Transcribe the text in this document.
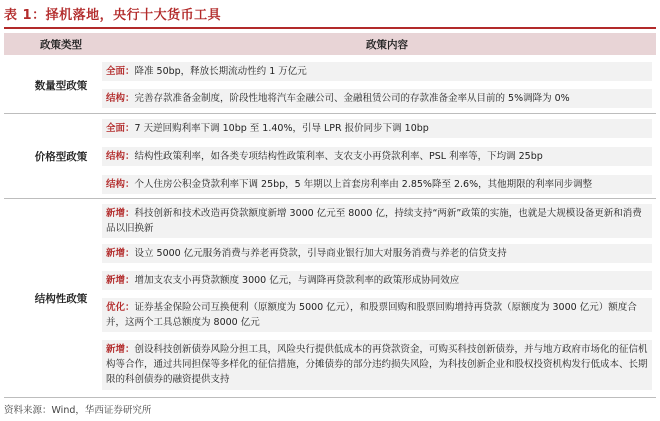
表 1：择机落地，央行十大货币工具
政策类型	政策内容
数量型政策
全面：降准 50bp，释放长期流动性约 1 万亿元
结构：完善存款准备金制度，阶段性地将汽车金融公司、金融租赁公司的存款准备金率从目前的 5%调降为 0%
价格型政策
全面：7 天逆回购利率下调 10bp 至 1.40%，引导 LPR 报价同步下调 10bp
结构：结构性政策利率，如各类专项结构性政策利率、支农支小再贷款利率、PSL 利率等，下均调 25bp
结构：个人住房公积金贷款利率下调 25bp，5 年期以上首套房利率由 2.85%降至 2.6%，其他期限的利率同步调整
结构性政策
新增：科技创新和技术改造再贷款额度新增 3000 亿元至 8000 亿，持续支持“两新”政策的实施，也就是大规模设备更新和消费品以旧换新
新增：设立 5000 亿元服务消费与养老再贷款，引导商业银行加大对服务消费与养老的信贷支持
新增：增加支农支小再贷款额度 3000 亿元，与调降再贷款利率的政策形成协同效应
优化：证券基金保险公司互换便利（原额度为 5000 亿元），和股票回购和股票回购增持再贷款（原额度为 3000 亿元）额度合并，这两个工具总额度为 8000 亿元
新增：创设科技创新债券风险分担工具，风险央行提供低成本的再贷款资金，可购买科技创新债券，并与地方政府市场化的征信机构等合作，通过共同担保等多样化的征信措施，分摊债券的部分违约损失风险，为科技创新企业和股权投资机构发行低成本、长期限的科创债券的融资提供支持
资料来源：Wind，华西证券研究所
